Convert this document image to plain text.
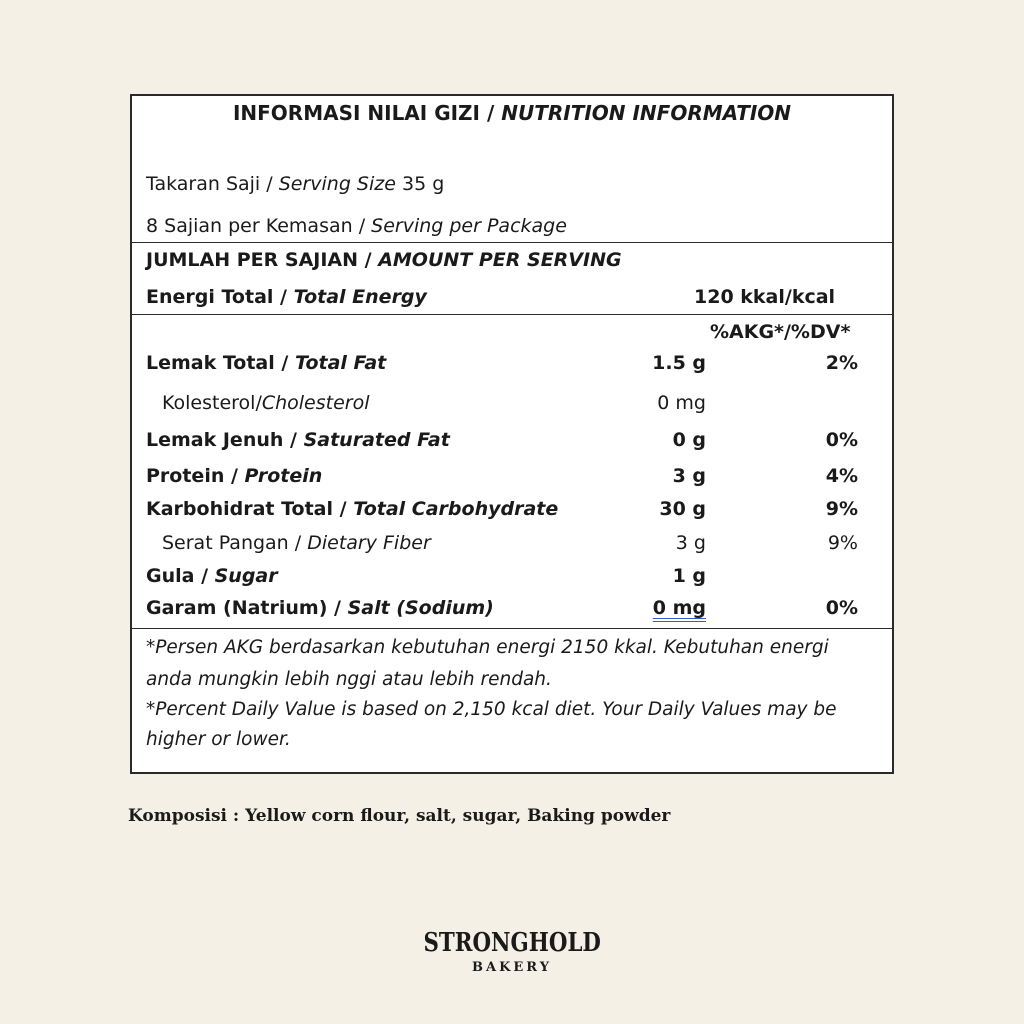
INFORMASI NILAI GIZI / NUTRITION INFORMATION
Takaran Saji / Serving Size 35 g
8 Sajian per Kemasan / Serving per Package
JUMLAH PER SAJIAN / AMOUNT PER SERVING
Energi Total / Total Energy	120 kkal/kcal
%AKG*/%DV*
Lemak Total / Total Fat	1.5 g	2%
Kolesterol/Cholesterol	0 mg
Lemak Jenuh / Saturated Fat	0 g	0%
Protein / Protein	3 g	4%
Karbohidrat Total / Total Carbohydrate	30 g	9%
Serat Pangan / Dietary Fiber	3 g	9%
Gula / Sugar	1 g
Garam (Natrium) / Salt (Sodium)	0 mg	0%
*Persen AKG berdasarkan kebutuhan energi 2150 kkal. Kebutuhan energi
anda mungkin lebih nggi atau lebih rendah.
*Percent Daily Value is based on 2,150 kcal diet. Your Daily Values may be
higher or lower.
Komposisi : Yellow corn flour, salt, sugar, Baking powder
STRONGHOLD
BAKERY
